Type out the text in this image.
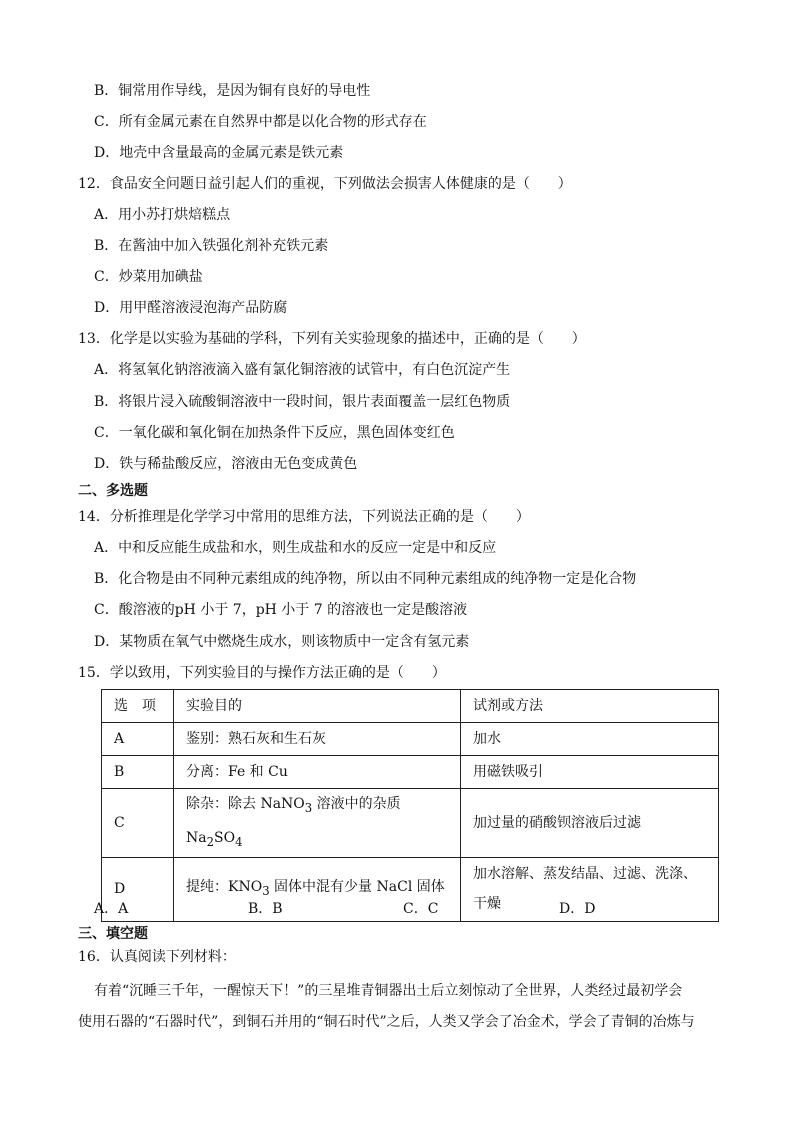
B．铜常用作导线，是因为铜有良好的导电性
C．所有金属元素在自然界中都是以化合物的形式存在
D．地壳中含量最高的金属元素是铁元素
12．食品安全问题日益引起人们的重视，下列做法会损害人体健康的是（　　）
A．用小苏打烘焙糕点
B．在酱油中加入铁强化剂补充铁元素
C．炒菜用加碘盐
D．用甲醛溶液浸泡海产品防腐
13．化学是以实验为基础的学科，下列有关实验现象的描述中，正确的是（　　）
A．将氢氧化钠溶液滴入盛有氯化铜溶液的试管中，有白色沉淀产生
B．将银片浸入硫酸铜溶液中一段时间，银片表面覆盖一层红色物质
C．一氧化碳和氧化铜在加热条件下反应，黑色固体变红色
D．铁与稀盐酸反应，溶液由无色变成黄色
二、多选题
14．分析推理是化学学习中常用的思维方法，下列说法正确的是（　　）
A．中和反应能生成盐和水，则生成盐和水的反应一定是中和反应
B．化合物是由不同种元素组成的纯净物，所以由不同种元素组成的纯净物一定是化合物
C．酸溶液的pH 小于 7，pH 小于 7 的溶液也一定是酸溶液
D．某物质在氧气中燃烧生成水，则该物质中一定含有氢元素
15．学以致用，下列实验目的与操作方法正确的是（　　）
选　项	实验目的	试剂或方法
A	鉴别：熟石灰和生石灰	加水
B	分离：Fe 和 Cu	用磁铁吸引
C	除杂：除去 NaNO$_3$ 溶液中的杂质 $Na_2SO_4$	加过量的硝酸钡溶液后过滤
D	提纯：$KNO_3$ 固体中混有少量 NaCl 固体	加水溶解、蒸发结晶、过滤、洗涤、干燥
A．A	B．B	C．C	D．D
三、填空题
16．认真阅读下列材料：
有着“沉睡三千年，一醒惊天下！”的三星堆青铜器出土后立刻惊动了全世界，人类经过最初学会
使用石器的“石器时代”，到铜石并用的“铜石时代”之后，人类又学会了冶金术，学会了青铜的冶炼与
